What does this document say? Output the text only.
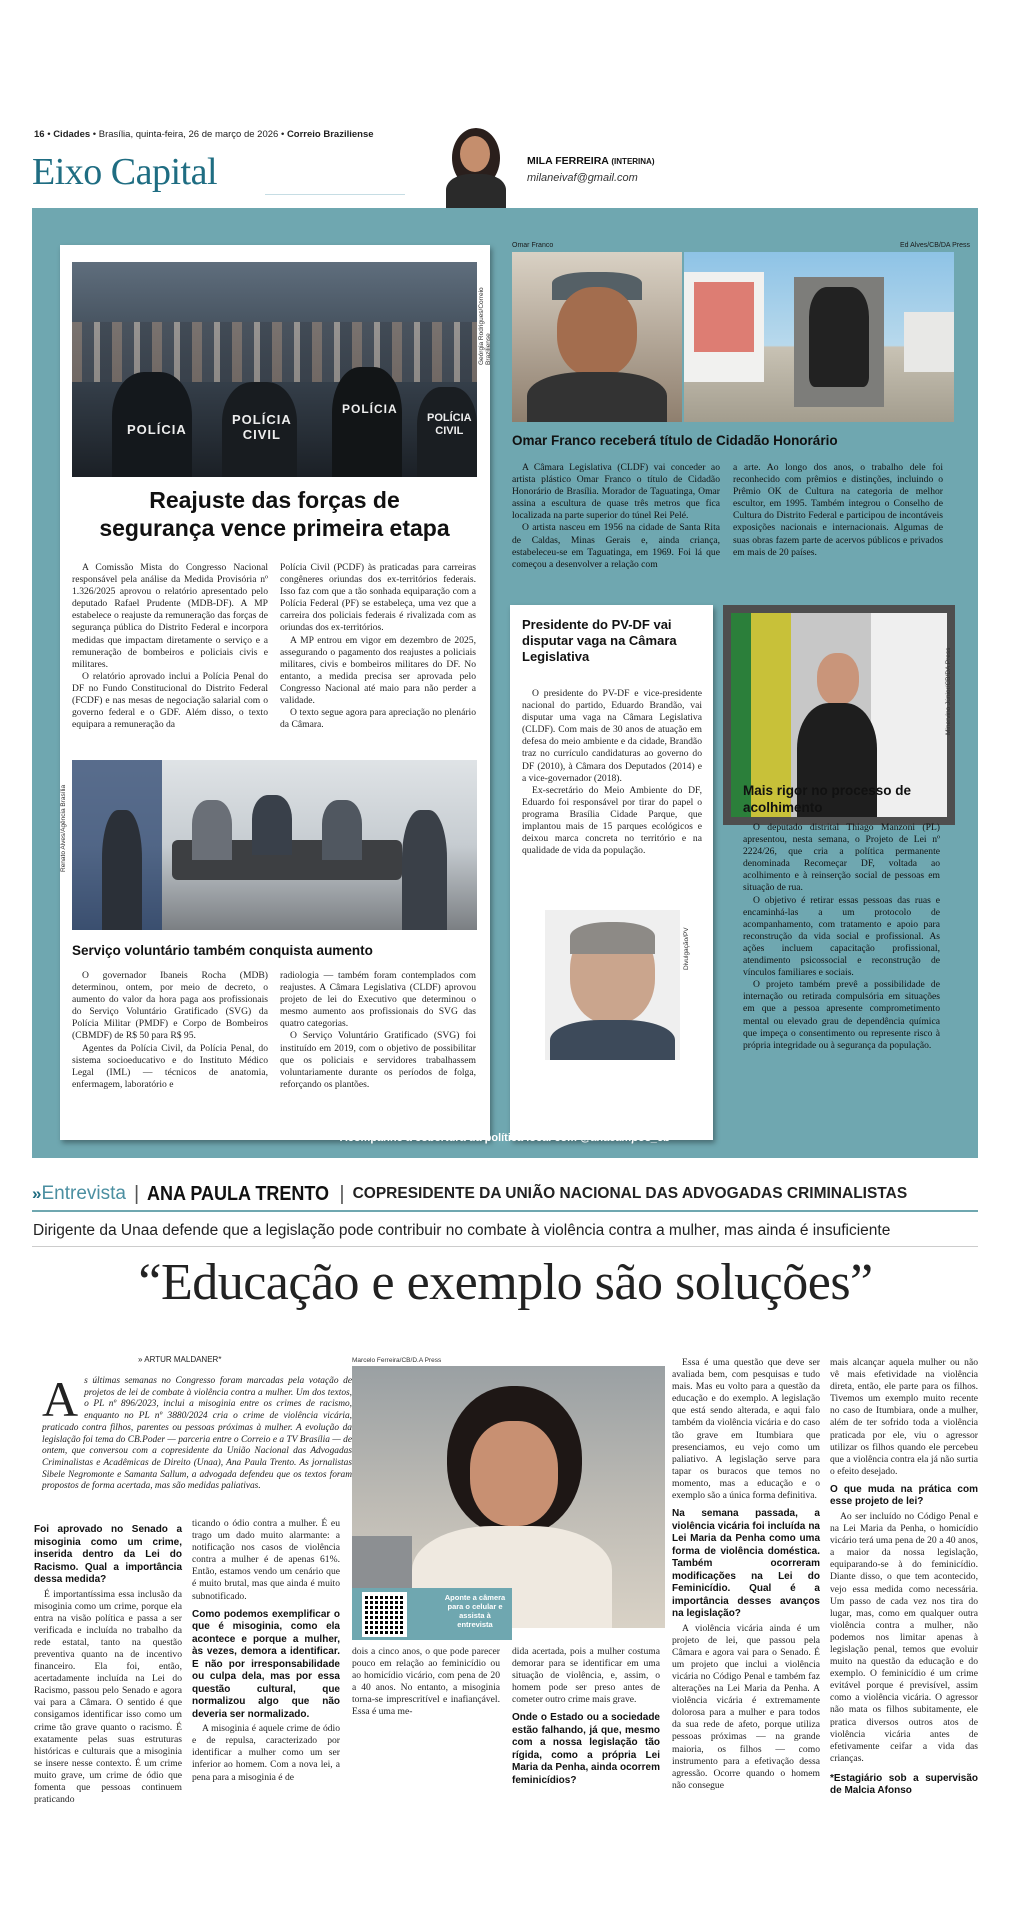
16 • Cidades • Brasília, quinta-feira, 26 de março de 2026 • Correio Braziliense
Eixo Capital	MILA FERREIRA (INTERINA)
milaneivaf@gmail.com
POLÍCIA
POLÍCIA
CIVIL
POLÍCIA
POLÍCIA
CIVIL
Geórgia Rodrigues/Correio Braziliense
Reajuste das forças de
segurança vence primeira etapa

A Comissão Mista do Congresso Nacional responsável pela análise da Medida Provisória nº 1.326/2025 aprovou o relatório apresentado pelo deputado Rafael Prudente (MDB-DF). A MP estabelece o reajuste da remuneração das forças de segurança pública do Distrito Federal e incorpora medidas que impactam diretamente o serviço e a remuneração de bombeiros e policiais civis e militares.

O relatório aprovado inclui a Polícia Penal do DF no Fundo Constitucional do Distrito Federal (FCDF) e nas mesas de negociação salarial com o governo federal e o GDF. Além disso, o texto equipara a remuneração da

Polícia Civil (PCDF) às praticadas para carreiras congêneres oriundas dos ex-territórios federais. Isso faz com que a tão sonhada equiparação com a Polícia Federal (PF) se estabeleça, uma vez que a carreira dos policiais federais é rivalizada com as oriundas dos ex-territórios.

A MP entrou em vigor em dezembro de 2025, assegurando o pagamento dos reajustes a policiais militares, civis e bombeiros militares do DF. No entanto, a medida precisa ser aprovada pelo Congresso Nacional até maio para não perder a validade.

O texto segue agora para apreciação no plenário da Câmara.

Renato Alves/Agência Brasília
Serviço voluntário também conquista aumento

O governador Ibaneis Rocha (MDB) determinou, ontem, por meio de decreto, o aumento do valor da hora paga aos profissionais do Serviço Voluntário Gratificado (SVG) da Polícia Militar (PMDF) e Corpo de Bombeiros (CBMDF) de R$ 50 para R$ 95.

Agentes da Polícia Civil, da Polícia Penal, do sistema socioeducativo e do Instituto Médico Legal (IML) — técnicos de anatomia, enfermagem, laboratório e

radiologia — também foram contemplados com reajustes. A Câmara Legislativa (CLDF) aprovou projeto de lei do Executivo que determinou o mesmo aumento aos profissionais do SVG das quatro categorias.

O Serviço Voluntário Gratificado (SVG) foi instituído em 2019, com o objetivo de possibilitar que os policiais e servidores trabalhassem voluntariamente durante os períodos de folga, reforçando os plantões.

Omar Franco	Ed Alves/CB/DA Press
Omar Franco receberá título de Cidadão Honorário

A Câmara Legislativa (CLDF) vai conceder ao artista plástico Omar Franco o título de Cidadão Honorário de Brasília. Morador de Taguatinga, Omar assina a escultura de quase três metros que fica localizada na parte superior do túnel Rei Pelé.

O artista nasceu em 1956 na cidade de Santa Rita de Caldas, Minas Gerais e, ainda criança, estabeleceu-se em Taguatinga, em 1969. Foi lá que começou a desenvolver a relação com

a arte. Ao longo dos anos, o trabalho dele foi reconhecido com prêmios e distinções, incluindo o Prêmio OK de Cultura na categoria de melhor escultor, em 1995. Também integrou o Conselho de Cultura do Distrito Federal e participou de incontáveis exposições nacionais e internacionais. Algumas de suas obras fazem parte de acervos públicos e privados em mais de 20 países.

Presidente do PV-DF vai disputar vaga na Câmara Legislativa

O presidente do PV-DF e vice-presidente nacional do partido, Eduardo Brandão, vai disputar uma vaga na Câmara Legislativa (CLDF). Com mais de 30 anos de atuação em defesa do meio ambiente e da cidade, Brandão traz no currículo candidaturas ao governo do DF (2010), à Câmara dos Deputados (2014) e a vice-governador (2018).

Ex-secretário do Meio Ambiente do DF, Eduardo foi responsável por tirar do papel o programa Brasília Cidade Parque, que implantou mais de 15 parques ecológicos e deixou marca concreta no território e na qualidade de vida da população.

Divulgação/PV
Minervino Júnior/CB/DA Press
Mais rigor no processo de acolhimento

O deputado distrital Thiago Manzoni (PL) apresentou, nesta semana, o Projeto de Lei nº 2224/26, que cria a política permanente denominada Recomeçar DF, voltada ao acolhimento e à reinserção social de pessoas em situação de rua.

O objetivo é retirar essas pessoas das ruas e encaminhá-las a um protocolo de acompanhamento, com tratamento e apoio para reconstrução da vida social e profissional. As ações incluem capacitação profissional, atendimento psicossocial e reconstrução de vínculos familiares e sociais.

O projeto também prevê a possibilidade de internação ou retirada compulsória em situações em que a pessoa apresente comprometimento mental ou elevado grau de dependência química que impeça o consentimento ou represente risco à própria integridade ou à segurança da população.

Acompanhe a cobertura da política local com @anacampos_cb
» Entrevista | ANA PAULA TRENTO | COPRESIDENTE DA UNIÃO NACIONAL DAS ADVOGADAS CRIMINALISTAS
Dirigente da Unaa defende que a legislação pode contribuir no combate à violência contra a mulher, mas ainda é insuficiente
“Educação e exemplo são soluções”
» ARTUR MALDANER*
As últimas semanas no Congresso foram marcadas pela votação de projetos de lei de combate à violência contra a mulher. Um dos textos, o PL nº 896/2023, inclui a misoginia entre os crimes de racismo, enquanto no PL nº 3880/2024 cria o crime de violência vicária, praticado contra filhos, parentes ou pessoas próximas à mulher. A evolução da legislação foi tema do CB.Poder — parceria entre o Correio e a TV Brasília — de ontem, que conversou com a copresidente da União Nacional das Advogadas Criminalistas e Acadêmicas de Direito (Unaa), Ana Paula Trento. As jornalistas Sibele Negromonte e Samanta Sallum, a advogada defendeu que os textos foram propostos de forma acertada, mas são medidas paliativas.
Foi aprovado no Senado a misoginia como um crime, inserida dentro da Lei do Racismo. Qual a importância dessa medida?

É importantíssima essa inclusão da misoginia como um crime, porque ela entra na visão política e passa a ser verificada e incluída no trabalho da rede estatal, tanto na questão preventiva quanto na de incentivo financeiro. Ela foi, então, acertadamente incluída na Lei do Racismo, passou pelo Senado e agora vai para a Câmara. O sentido é que consigamos identificar isso como um crime tão grave quanto o racismo. É exatamente pelas suas estruturas históricas e culturais que a misoginia se insere nesse contexto. É um crime muito grave, um crime de ódio que fomenta que pessoas continuem praticando

ticando o ódio contra a mulher. É eu trago um dado muito alarmante: a notificação nos casos de violência contra a mulher é de apenas 61%. Então, estamos vendo um cenário que é muito brutal, mas que ainda é muito subnotificado.

Como podemos exemplificar o que é misoginia, como ela acontece e porque a mulher, às vezes, demora a identificar. E não por irresponsabilidade ou culpa dela, mas por essa questão cultural, que normalizou algo que não deveria ser normalizado.

A misoginia é aquele crime de ódio e de repulsa, caracterizado por identificar a mulher como um ser inferior ao homem. Com a nova lei, a pena para a misoginia é de

Marcelo Ferreira/CB/D.A Press
Aponte a câmera para o celular e assista à entrevista

dois a cinco anos, o que pode parecer pouco em relação ao feminicídio ou ao homicídio vicário, com pena de 20 a 40 anos. No entanto, a misoginia torna-se imprescritível e inafiançável. Essa é uma me-

dida acertada, pois a mulher costuma demorar para se identificar em uma situação de violência, e, assim, o homem pode ser preso antes de cometer outro crime mais grave.

Onde o Estado ou a sociedade estão falhando, já que, mesmo com a nossa legislação tão rígida, como a própria Lei Maria da Penha, ainda ocorrem feminicídios?

Essa é uma questão que deve ser avaliada bem, com pesquisas e tudo mais. Mas eu volto para a questão da educação e do exemplo. A legislação que está sendo alterada, e aqui falo também da violência vicária e do caso tão grave em Itumbiara que presenciamos, eu vejo como um paliativo. A legislação serve para tapar os buracos que temos no momento, mas a educação e o exemplo são a única forma definitiva.

Na semana passada, a violência vicária foi incluída na Lei Maria da Penha como uma forma de violência doméstica. Também ocorreram modificações na Lei do Feminicídio. Qual é a importância desses avanços na legislação?

A violência vicária ainda é um projeto de lei, que passou pela Câmara e agora vai para o Senado. É um projeto que inclui a violência vicária no Código Penal e também faz alterações na Lei Maria da Penha. A violência vicária é extremamente dolorosa para a mulher e para todos da sua rede de afeto, porque utiliza pessoas próximas — na grande maioria, os filhos — como instrumento para a efetivação dessa agressão. Ocorre quando o homem não consegue

mais alcançar aquela mulher ou não vê mais efetividade na violência direta, então, ele parte para os filhos. Tivemos um exemplo muito recente no caso de Itumbiara, onde a mulher, além de ter sofrido toda a violência praticada por ele, viu o agressor utilizar os filhos quando ele percebeu que a violência contra ela já não surtia o efeito desejado.

O que muda na prática com esse projeto de lei?

Ao ser incluído no Código Penal e na Lei Maria da Penha, o homicídio vicário terá uma pena de 20 a 40 anos, a maior da nossa legislação, equiparando-se à do feminicídio. Diante disso, o que tem acontecido, vejo essa medida como necessária. Um passo de cada vez nos tira do lugar, mas, como em qualquer outra violência contra a mulher, não podemos nos limitar apenas à legislação penal, temos que evoluir muito na questão da educação e do exemplo. O feminicídio é um crime evitável porque é previsível, assim como a violência vicária. O agressor não mata os filhos subitamente, ele pratica diversos outros atos de violência vicária antes de efetivamente ceifar a vida das crianças.

*Estagiário sob a supervisão de Malcia Afonso
